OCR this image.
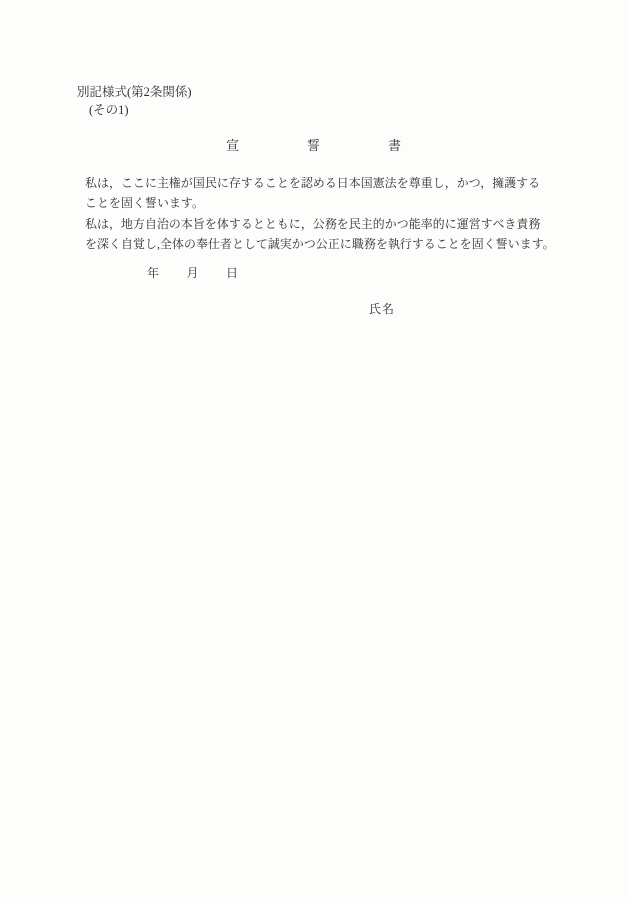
別記様式(第2条関係)
(その1)
宣誓書

私は，ここに主権が国民に存することを認める日本国憲法を尊重し，かつ，擁護する
ことを固く誓います。

私は，地方自治の本旨を体するとともに，公務を民主的かつ能率的に運営すべき責務
を深く自覚し,全体の奉仕者として誠実かつ公正に職務を執行することを固く誓います。

年 月 日
氏名
